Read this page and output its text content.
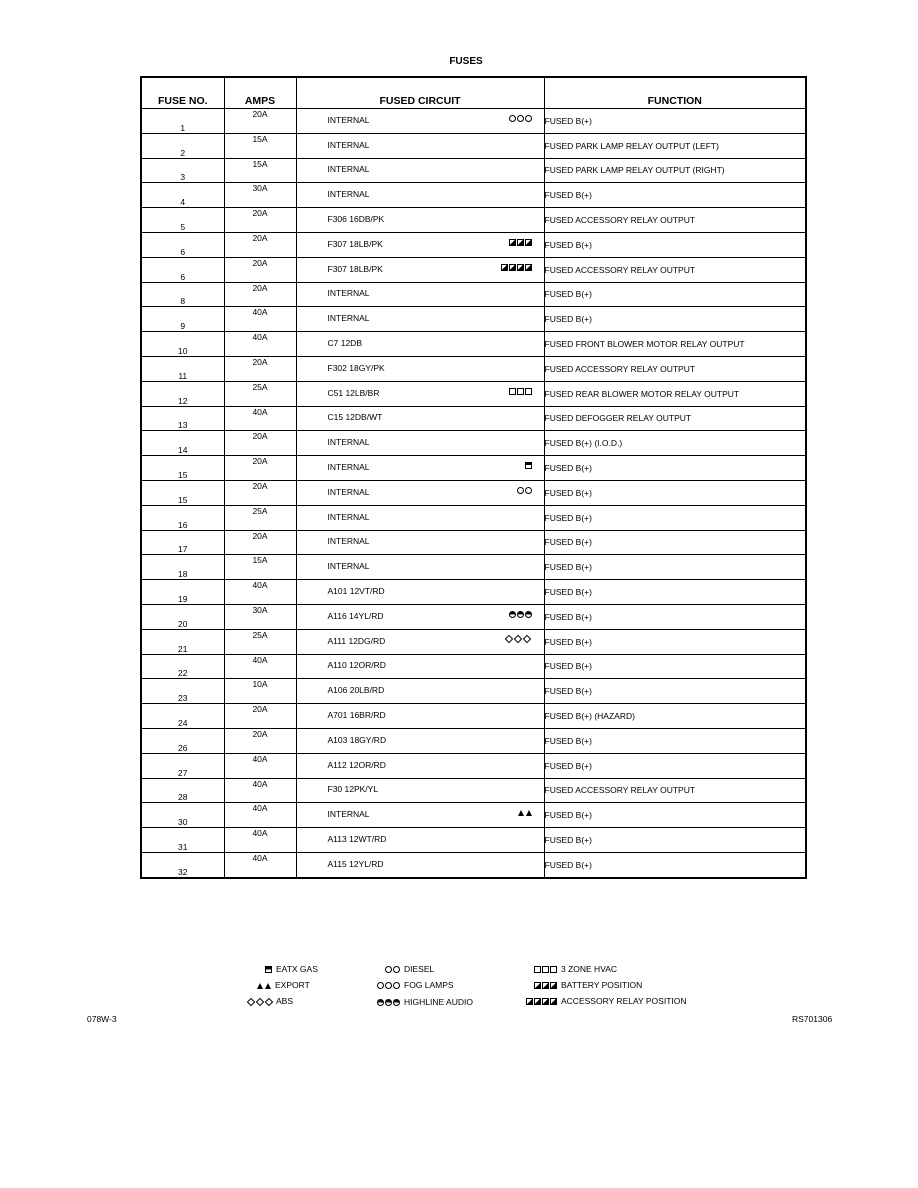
FUSES
FUSE NO.	AMPS	FUSED CIRCUIT	FUNCTION
1	20A	INTERNAL	FUSED B(+)
2	15A	INTERNAL	FUSED PARK LAMP RELAY OUTPUT (LEFT)
3	15A	INTERNAL	FUSED PARK LAMP RELAY OUTPUT (RIGHT)
4	30A	INTERNAL	FUSED B(+)
5	20A	F306 16DB/PK	FUSED ACCESSORY RELAY OUTPUT
6	20A	F307 18LB/PK	FUSED B(+)
6	20A	F307 18LB/PK	FUSED ACCESSORY RELAY OUTPUT
8	20A	INTERNAL	FUSED B(+)
9	40A	INTERNAL	FUSED B(+)
10	40A	C7 12DB	FUSED FRONT BLOWER MOTOR RELAY OUTPUT
11	20A	F302 18GY/PK	FUSED ACCESSORY RELAY OUTPUT
12	25A	C51 12LB/BR	FUSED REAR BLOWER MOTOR RELAY OUTPUT
13	40A	C15 12DB/WT	FUSED DEFOGGER RELAY OUTPUT
14	20A	INTERNAL	FUSED B(+) (I.O.D.)
15	20A	INTERNAL	FUSED B(+)
15	20A	INTERNAL	FUSED B(+)
16	25A	INTERNAL	FUSED B(+)
17	20A	INTERNAL	FUSED B(+)
18	15A	INTERNAL	FUSED B(+)
19	40A	A101 12VT/RD	FUSED B(+)
20	30A	A116 14YL/RD	FUSED B(+)
21	25A	A111 12DG/RD	FUSED B(+)
22	40A	A110 12OR/RD	FUSED B(+)
23	10A	A106 20LB/RD	FUSED B(+)
24	20A	A701 16BR/RD	FUSED B(+) (HAZARD)
26	20A	A103 18GY/RD	FUSED B(+)
27	40A	A112 12OR/RD	FUSED B(+)
28	40A	F30 12PK/YL	FUSED ACCESSORY RELAY OUTPUT
30	40A	INTERNAL	FUSED B(+)
31	40A	A113 12WT/RD	FUSED B(+)
32	40A	A115 12YL/RD	FUSED B(+)
EATX GAS
EXPORT
ABS
DIESEL
FOG LAMPS
HIGHLINE AUDIO
3 ZONE HVAC
BATTERY POSITION
ACCESSORY RELAY POSITION
078W-3	RS701306
